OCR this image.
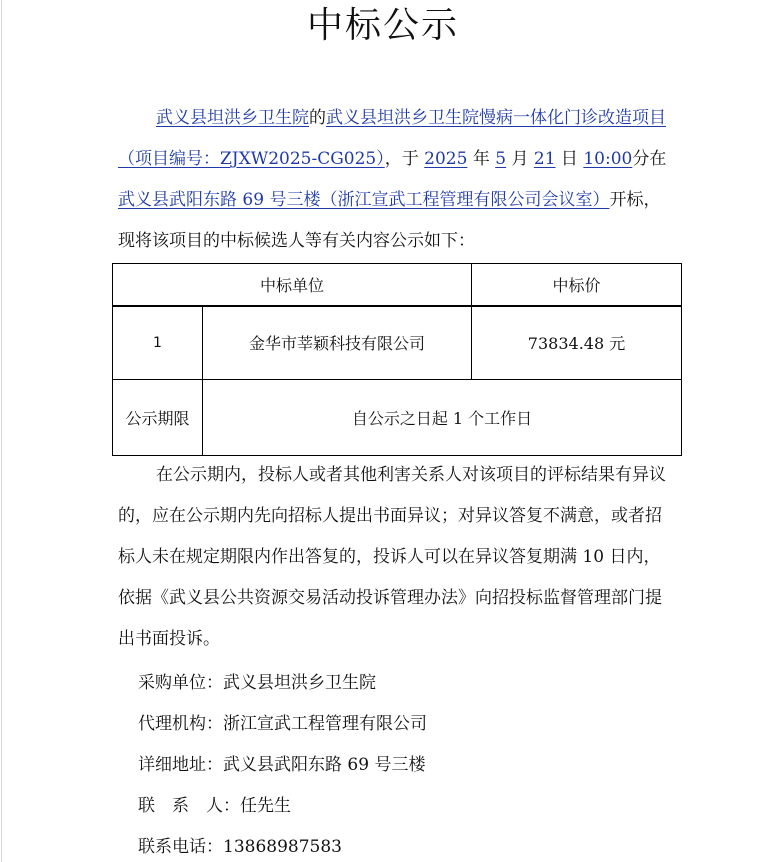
中标公示
武义县坦洪乡卫生院的武义县坦洪乡卫生院慢病一体化门诊改造项目（项目编号：ZJXW2025-CG025），于 2025 年 5 月 21 日 10:00分在武义县武阳东路 69 号三楼（浙江宣武工程管理有限公司会议室）开标，现将该项目的中标候选人等有关内容公示如下：
中标单位		中标价
1	金华市莘颖科技有限公司	73834.48 元
公示期限	自公示之日起 1 个工作日	
在公示期内，投标人或者其他利害关系人对该项目的评标结果有异议的，应在公示期内先向招标人提出书面异议；对异议答复不满意，或者招标人未在规定期限内作出答复的，投诉人可以在异议答复期满 10 日内，依据《武义县公共资源交易活动投诉管理办法》向招投标监督管理部门提出书面投诉。
采购单位：武义县坦洪乡卫生院
代理机构：浙江宣武工程管理有限公司
详细地址：武义县武阳东路 69 号三楼
联　系　人：任先生
联系电话：13868987583
